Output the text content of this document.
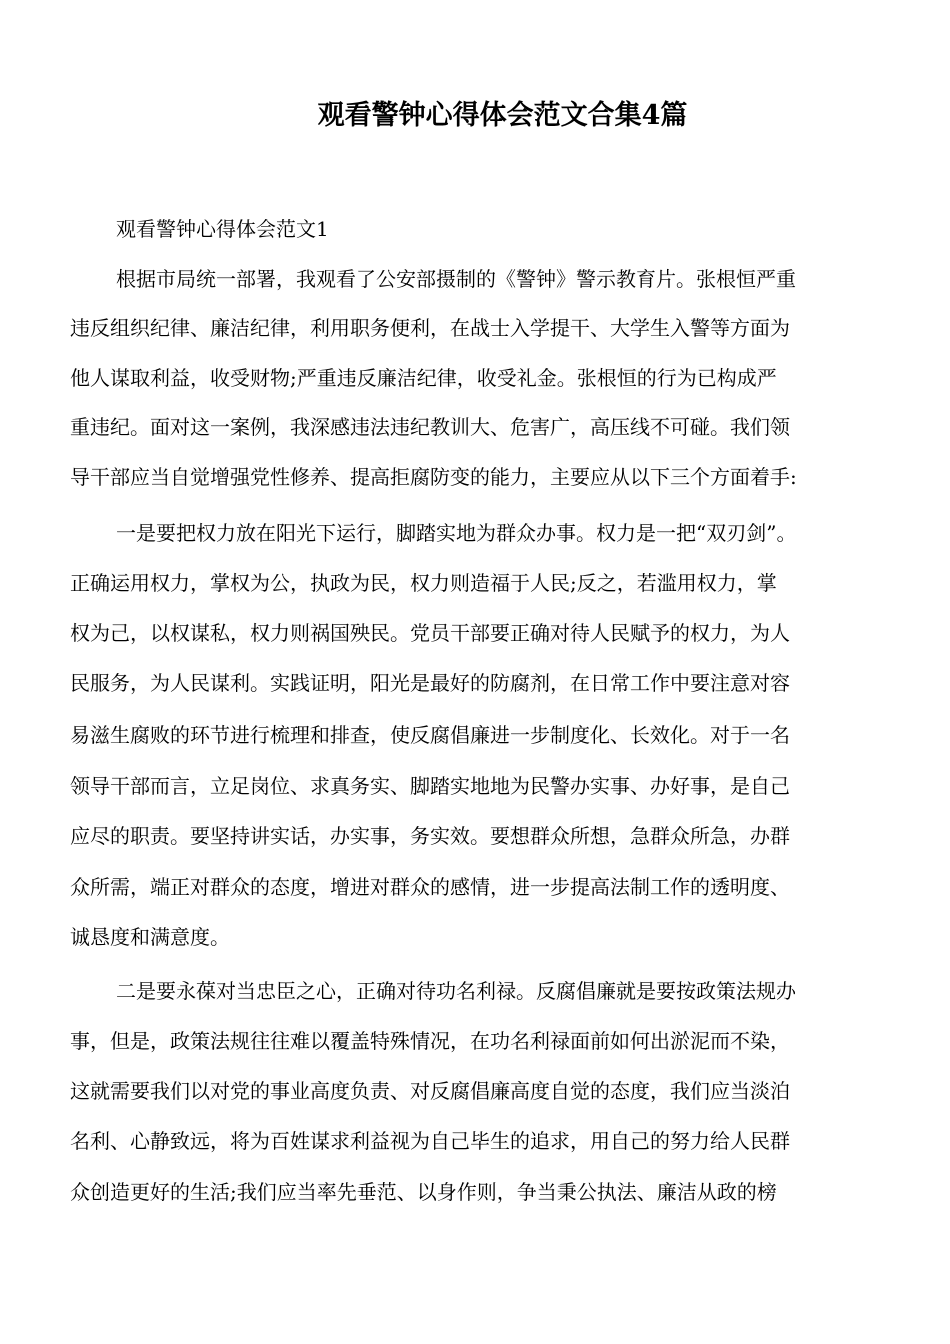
观看警钟心得体会范文合集4篇
观看警钟心得体会范文1
根据市局统一部署，我观看了公安部摄制的《警钟》警示教育片。张根恒严重
违反组织纪律、廉洁纪律，利用职务便利，在战士入学提干、大学生入警等方面为
他人谋取利益，收受财物;严重违反廉洁纪律，收受礼金。张根恒的行为已构成严
重违纪。面对这一案例，我深感违法违纪教训大、危害广，高压线不可碰。我们领
导干部应当自觉增强党性修养、提高拒腐防变的能力，主要应从以下三个方面着手:
一是要把权力放在阳光下运行，脚踏实地为群众办事。权力是一把“双刃剑”。
正确运用权力，掌权为公，执政为民，权力则造福于人民;反之，若滥用权力，掌
权为己，以权谋私，权力则祸国殃民。党员干部要正确对待人民赋予的权力，为人
民服务，为人民谋利。实践证明，阳光是最好的防腐剂，在日常工作中要注意对容
易滋生腐败的环节进行梳理和排查，使反腐倡廉进一步制度化、长效化。对于一名
领导干部而言，立足岗位、求真务实、脚踏实地地为民警办实事、办好事，是自己
应尽的职责。要坚持讲实话，办实事，务实效。要想群众所想，急群众所急，办群
众所需，端正对群众的态度，增进对群众的感情，进一步提高法制工作的透明度、
诚恳度和满意度。
二是要永葆对当忠臣之心，正确对待功名利禄。反腐倡廉就是要按政策法规办
事，但是，政策法规往往难以覆盖特殊情况，在功名利禄面前如何出淤泥而不染，
这就需要我们以对党的事业高度负责、对反腐倡廉高度自觉的态度，我们应当淡泊
名利、心静致远，将为百姓谋求利益视为自己毕生的追求，用自己的努力给人民群
众创造更好的生活;我们应当率先垂范、以身作则，争当秉公执法、廉洁从政的榜
